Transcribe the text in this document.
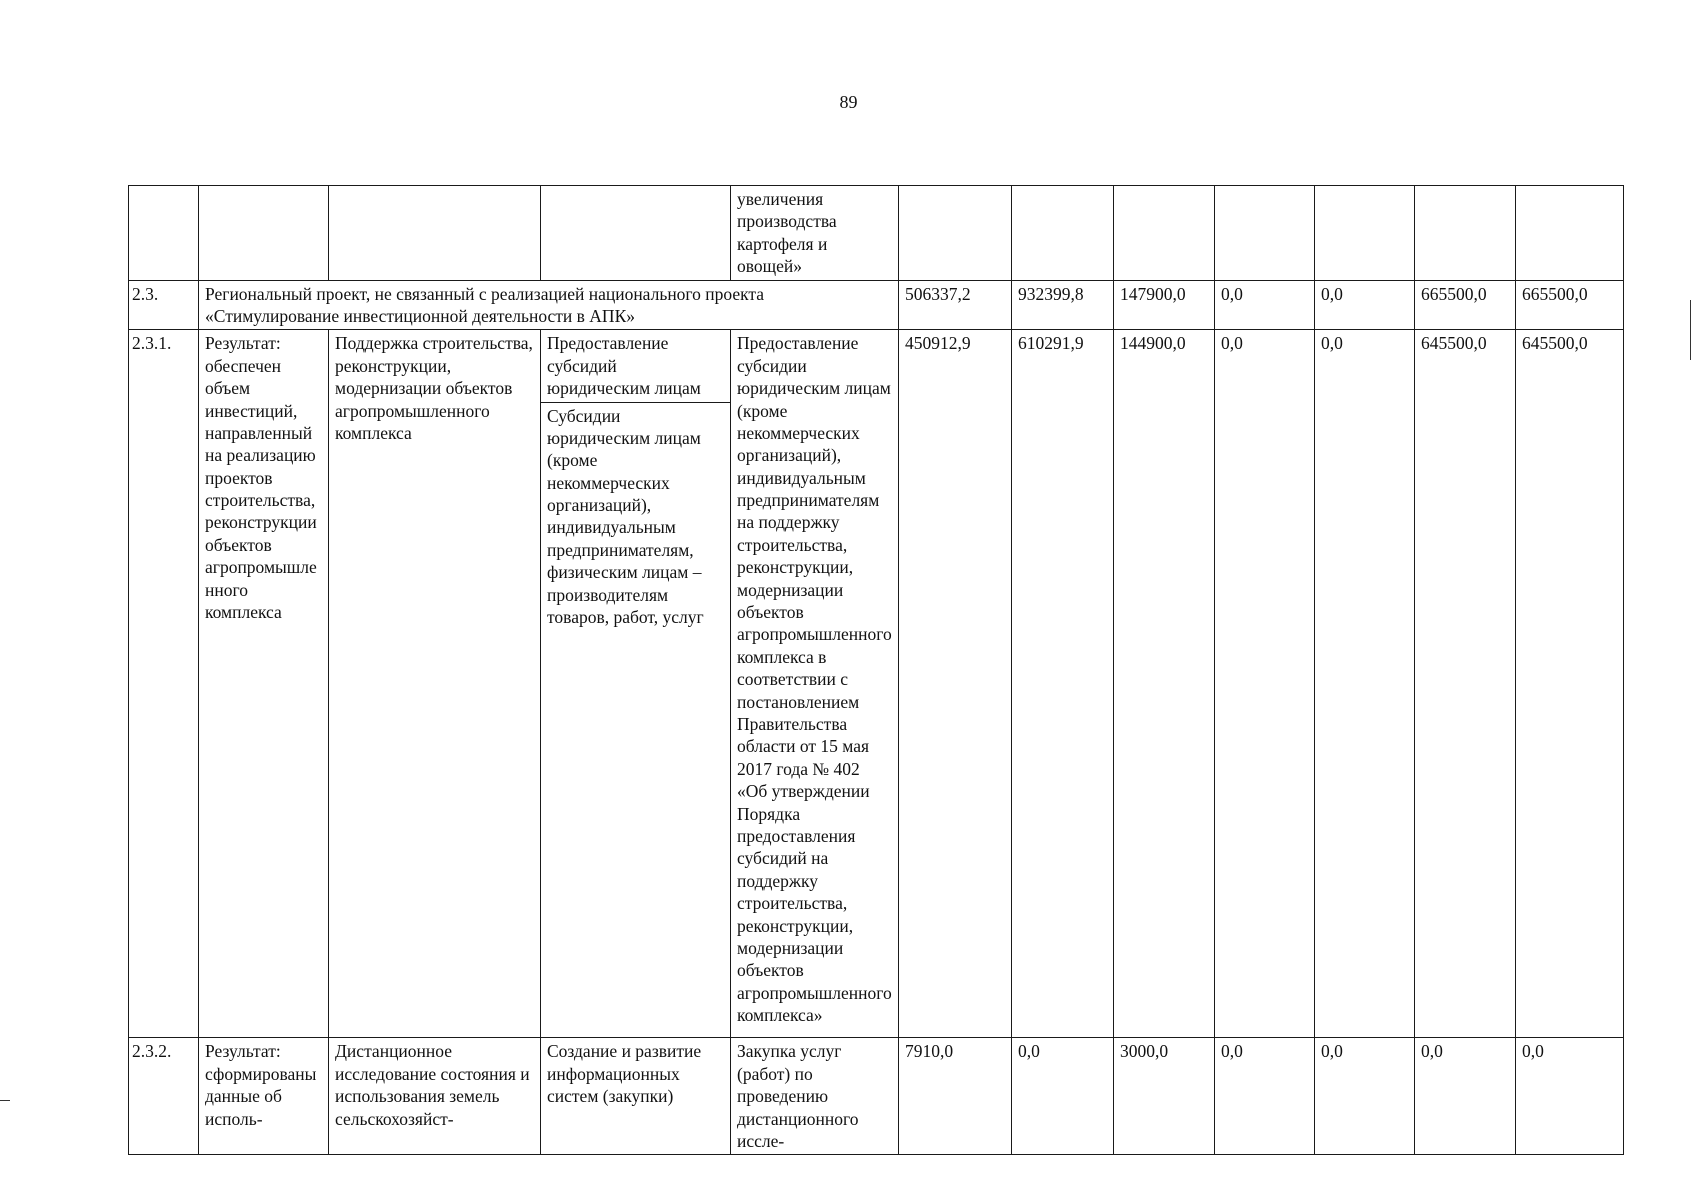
89
				увеличения производства картофеля и овощей»							
2.3.	Региональный проект, не связанный с реализацией национального проекта «Стимулирование инвестиционной деятельности в АПК»				506337,2	932399,8	147900,0	0,0	0,0	665500,0	665500,0
2.3.1.	Результат: обеспечен объем инвестиций, направленный на реализацию проектов строительства, реконструкции объектов агропромышленного комплекса	Поддержка строительства, реконструкции, модернизации объектов агропромышленного комплекса	Предоставление субсидий юридическим лицам
Субсидии юридическим лицам (кроме некоммерческих организаций), индивидуальным предпринимателям, физическим лицам – производителям товаров, работ, услуг	Предоставление субсидии юридическим лицам (кроме некоммерческих организаций), индивидуальным предпринимателям на поддержку строительства, реконструкции, модернизации объектов агропромышленного комплекса в соответствии с постановлением Правительства области от 15 мая 2017 года № 402 «Об утверждении Порядка предоставления субсидий на поддержку строительства, реконструкции, модернизации объектов агропромышленного комплекса»	450912,9	610291,9	144900,0	0,0	0,0	645500,0	645500,0
2.3.2.	Результат: сформированы данные об исполь-	Дистанционное исследование состояния и использования земель сельскохозяйст-	Создание и развитие информационных систем (закупки)	Закупка услуг (работ) по проведению дистанционного иссле-	7910,0	0,0	3000,0	0,0	0,0	0,0	0,0
